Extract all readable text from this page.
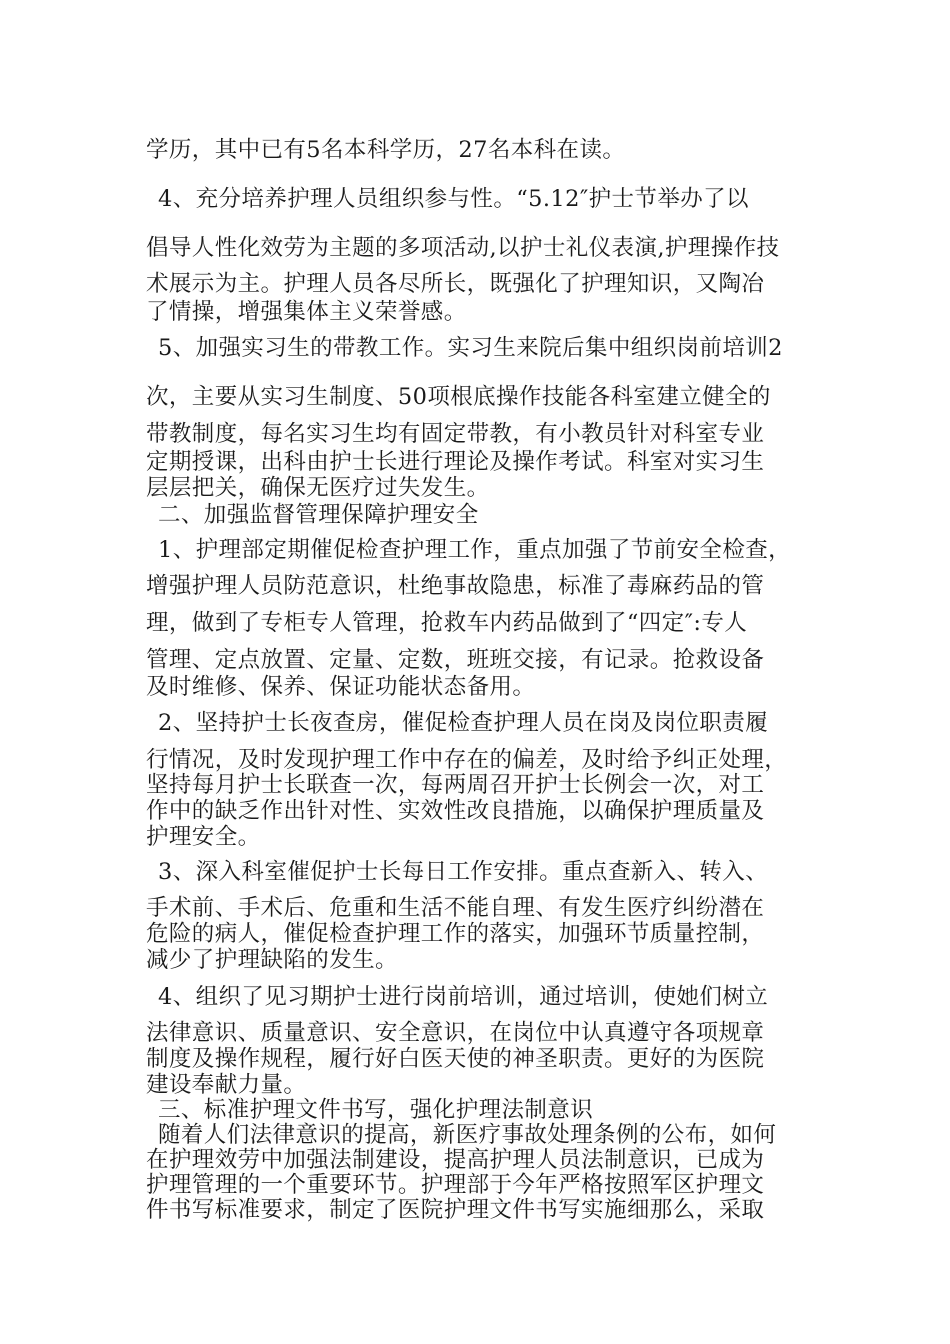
学历，其中已有5名本科学历，27名本科在读。
4、充分培养护理人员组织参与性。“5.12″护士节举办了以
倡导人性化效劳为主题的多项活动,以护士礼仪表演,护理操作技
术展示为主。护理人员各尽所长，既强化了护理知识，又陶冶
了情操，增强集体主义荣誉感。
5、加强实习生的带教工作。实习生来院后集中组织岗前培训2
次，主要从实习生制度、50项根底操作技能各科室建立健全的
带教制度，每名实习生均有固定带教，有小教员针对科室专业
定期授课，出科由护士长进行理论及操作考试。科室对实习生
层层把关，确保无医疗过失发生。
二、加强监督管理保障护理安全
1、护理部定期催促检查护理工作，重点加强了节前安全检查，
增强护理人员防范意识，杜绝事故隐患，标准了毒麻药品的管
理，做到了专柜专人管理，抢救车内药品做到了“四定″:专人
管理、定点放置、定量、定数，班班交接，有记录。抢救设备
及时维修、保养、保证功能状态备用。
2、坚持护士长夜查房，催促检查护理人员在岗及岗位职责履
行情况，及时发现护理工作中存在的偏差，及时给予纠正处理，
坚持每月护士长联查一次，每两周召开护士长例会一次，对工
作中的缺乏作出针对性、实效性改良措施，以确保护理质量及
护理安全。
3、深入科室催促护士长每日工作安排。重点查新入、转入、
手术前、手术后、危重和生活不能自理、有发生医疗纠纷潜在
危险的病人，催促检查护理工作的落实，加强环节质量控制，
减少了护理缺陷的发生。
4、组织了见习期护士进行岗前培训，通过培训，使她们树立
法律意识、质量意识、安全意识，在岗位中认真遵守各项规章
制度及操作规程，履行好白医天使的神圣职责。更好的为医院
建设奉献力量。
三、标准护理文件书写，强化护理法制意识
随着人们法律意识的提高，新医疗事故处理条例的公布，如何
在护理效劳中加强法制建设，提高护理人员法制意识，已成为
护理管理的一个重要环节。护理部于今年严格按照军区护理文
件书写标准要求，制定了医院护理文件书写实施细那么，采取
